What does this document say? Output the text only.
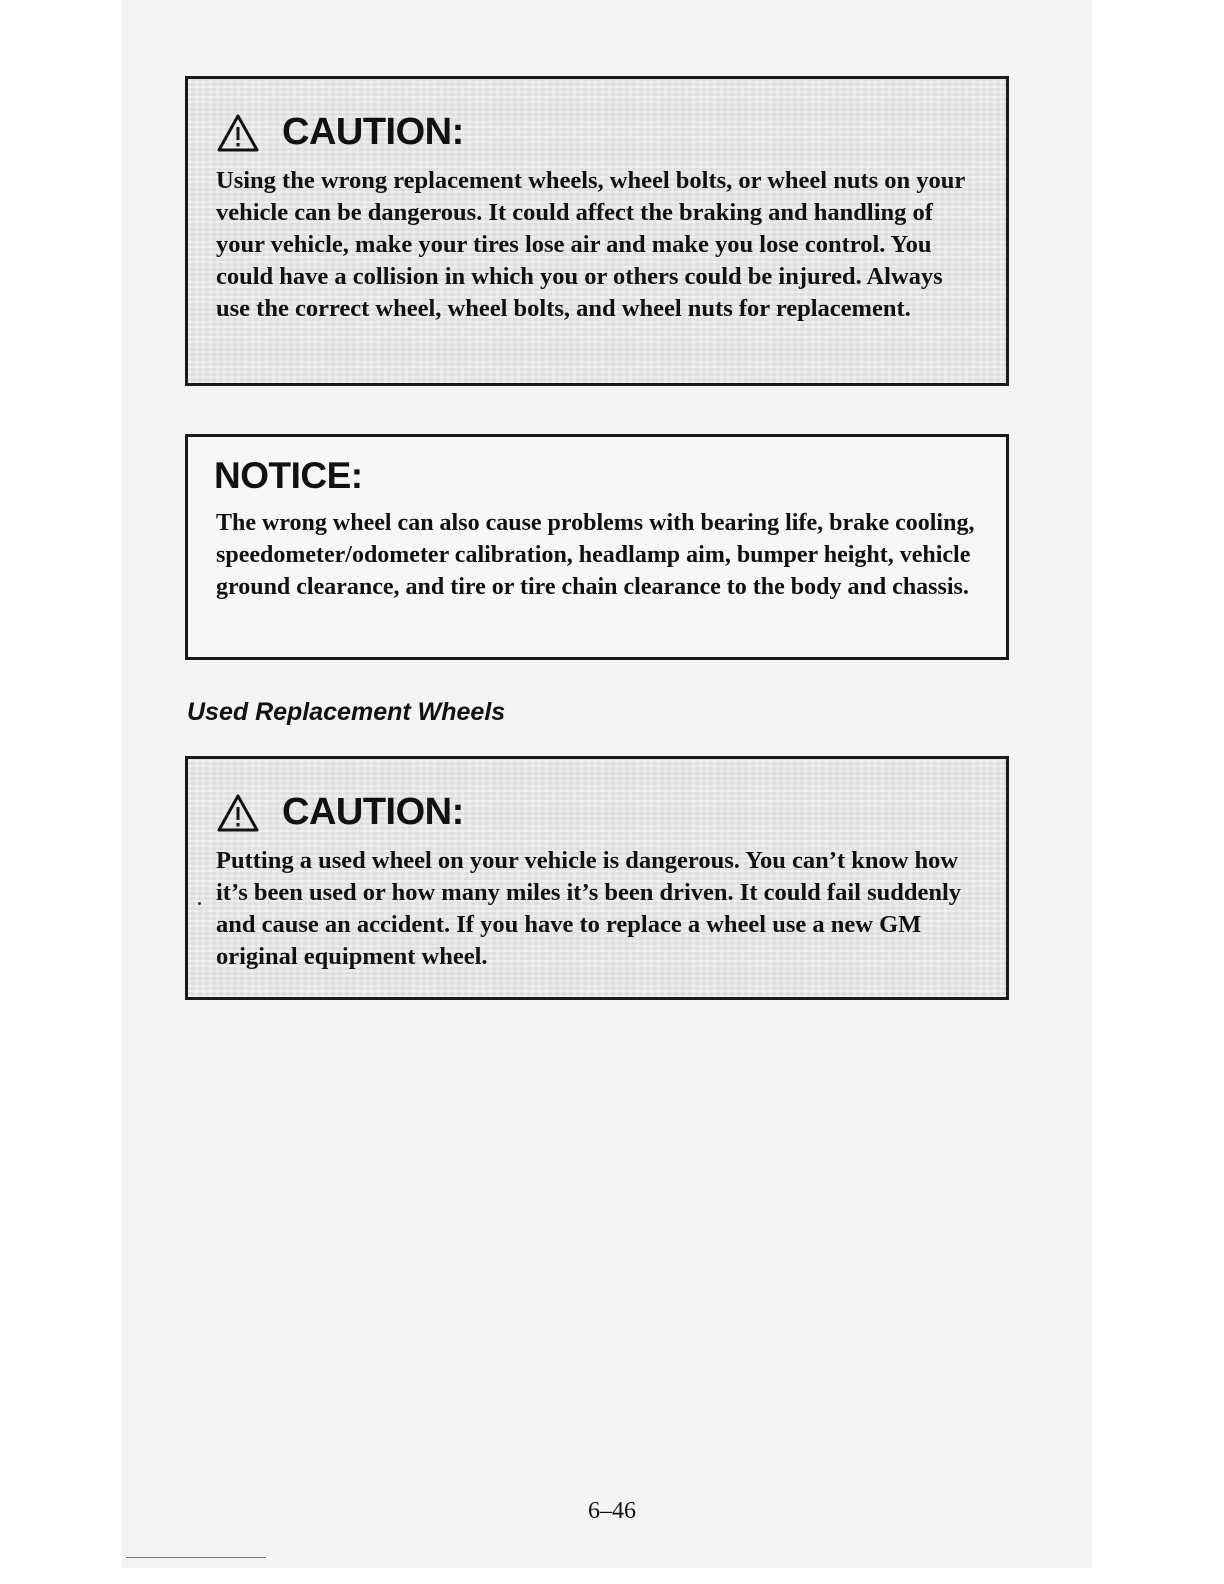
CAUTION:

Using the wrong replacement wheels, wheel bolts, or wheel nuts on your vehicle can be dangerous. It could affect the braking and handling of your vehicle, make your tires lose air and make you lose control. You could have a collision in which you or others could be injured. Always use the correct wheel, wheel bolts, and wheel nuts for replacement.

NOTICE:

The wrong wheel can also cause problems with bearing life, brake cooling, speedometer/odometer calibration, headlamp aim, bumper height, vehicle ground clearance, and tire or tire chain clearance to the body and chassis.

Used Replacement Wheels
CAUTION:

Putting a used wheel on your vehicle is dangerous. You can’t know how it’s been used or how many miles it’s been driven. It could fail suddenly and cause an accident. If you have to replace a wheel use a new GM original equipment wheel.

6–46
